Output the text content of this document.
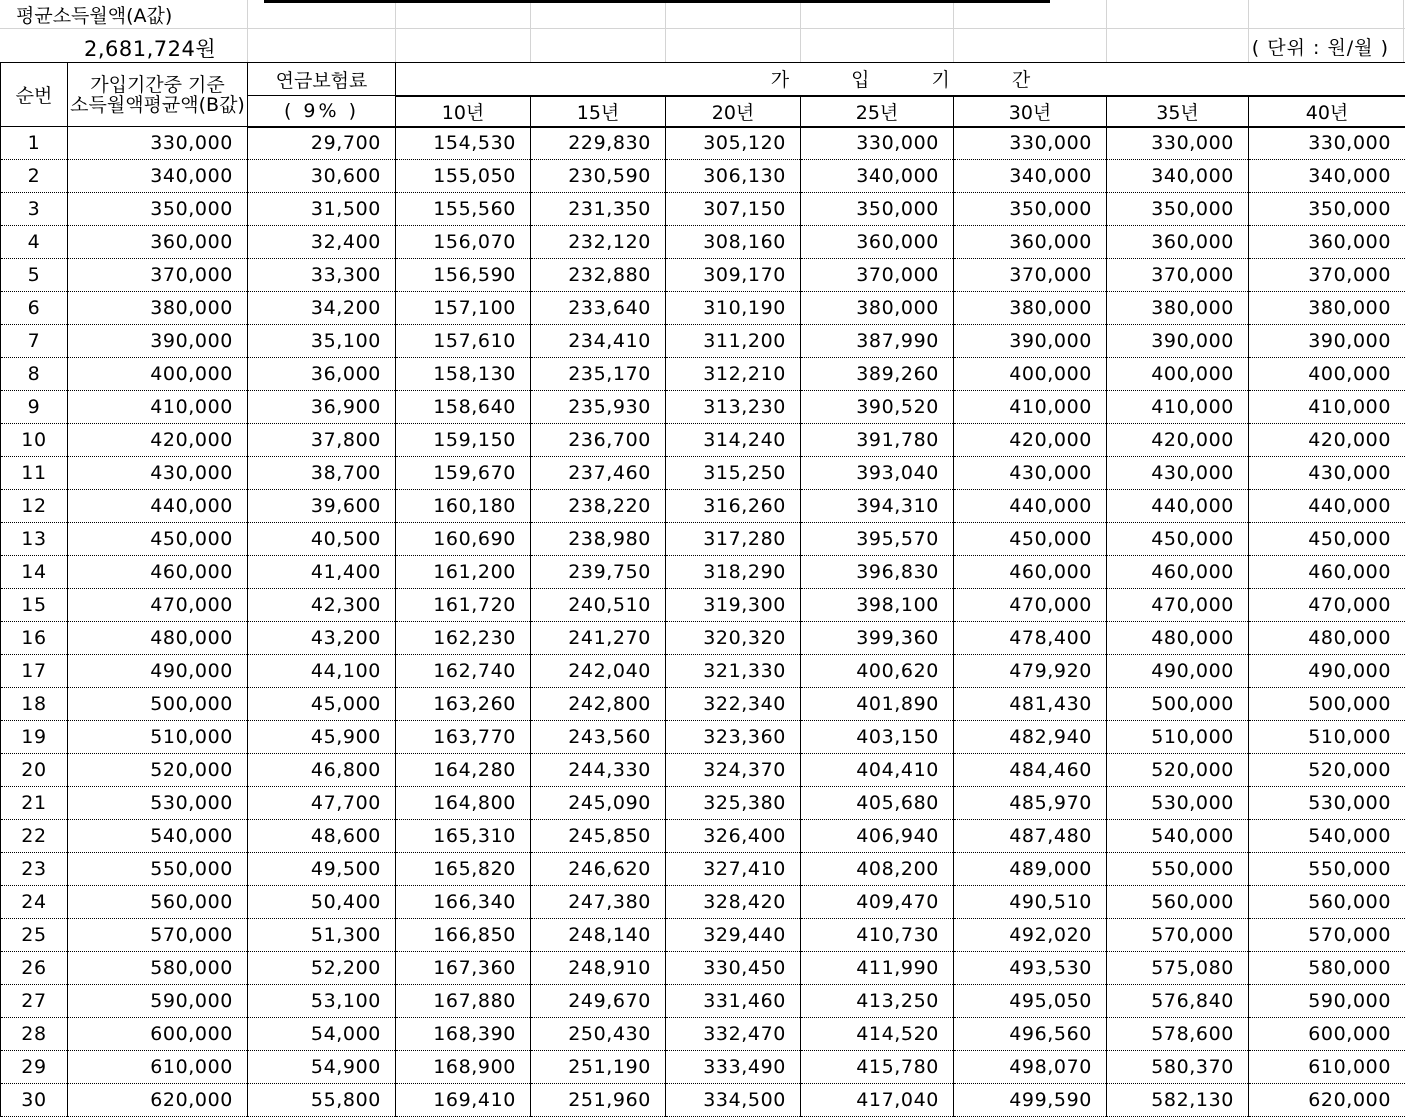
평균소득월액(A값)
2,681,724원	( 단위 : 원/월 )
순번	가입기간중 기준
소득월액평균액(B값)	연금보험료	가 입 기 간						
		( 9% )	10년	15년	20년	25년	30년	35년	40년
1	330,000	29,700	154,530	229,830	305,120	330,000	330,000	330,000	330,000
2	340,000	30,600	155,050	230,590	306,130	340,000	340,000	340,000	340,000
3	350,000	31,500	155,560	231,350	307,150	350,000	350,000	350,000	350,000
4	360,000	32,400	156,070	232,120	308,160	360,000	360,000	360,000	360,000
5	370,000	33,300	156,590	232,880	309,170	370,000	370,000	370,000	370,000
6	380,000	34,200	157,100	233,640	310,190	380,000	380,000	380,000	380,000
7	390,000	35,100	157,610	234,410	311,200	387,990	390,000	390,000	390,000
8	400,000	36,000	158,130	235,170	312,210	389,260	400,000	400,000	400,000
9	410,000	36,900	158,640	235,930	313,230	390,520	410,000	410,000	410,000
10	420,000	37,800	159,150	236,700	314,240	391,780	420,000	420,000	420,000
11	430,000	38,700	159,670	237,460	315,250	393,040	430,000	430,000	430,000
12	440,000	39,600	160,180	238,220	316,260	394,310	440,000	440,000	440,000
13	450,000	40,500	160,690	238,980	317,280	395,570	450,000	450,000	450,000
14	460,000	41,400	161,200	239,750	318,290	396,830	460,000	460,000	460,000
15	470,000	42,300	161,720	240,510	319,300	398,100	470,000	470,000	470,000
16	480,000	43,200	162,230	241,270	320,320	399,360	478,400	480,000	480,000
17	490,000	44,100	162,740	242,040	321,330	400,620	479,920	490,000	490,000
18	500,000	45,000	163,260	242,800	322,340	401,890	481,430	500,000	500,000
19	510,000	45,900	163,770	243,560	323,360	403,150	482,940	510,000	510,000
20	520,000	46,800	164,280	244,330	324,370	404,410	484,460	520,000	520,000
21	530,000	47,700	164,800	245,090	325,380	405,680	485,970	530,000	530,000
22	540,000	48,600	165,310	245,850	326,400	406,940	487,480	540,000	540,000
23	550,000	49,500	165,820	246,620	327,410	408,200	489,000	550,000	550,000
24	560,000	50,400	166,340	247,380	328,420	409,470	490,510	560,000	560,000
25	570,000	51,300	166,850	248,140	329,440	410,730	492,020	570,000	570,000
26	580,000	52,200	167,360	248,910	330,450	411,990	493,530	575,080	580,000
27	590,000	53,100	167,880	249,670	331,460	413,250	495,050	576,840	590,000
28	600,000	54,000	168,390	250,430	332,470	414,520	496,560	578,600	600,000
29	610,000	54,900	168,900	251,190	333,490	415,780	498,070	580,370	610,000
30	620,000	55,800	169,410	251,960	334,500	417,040	499,590	582,130	620,000
